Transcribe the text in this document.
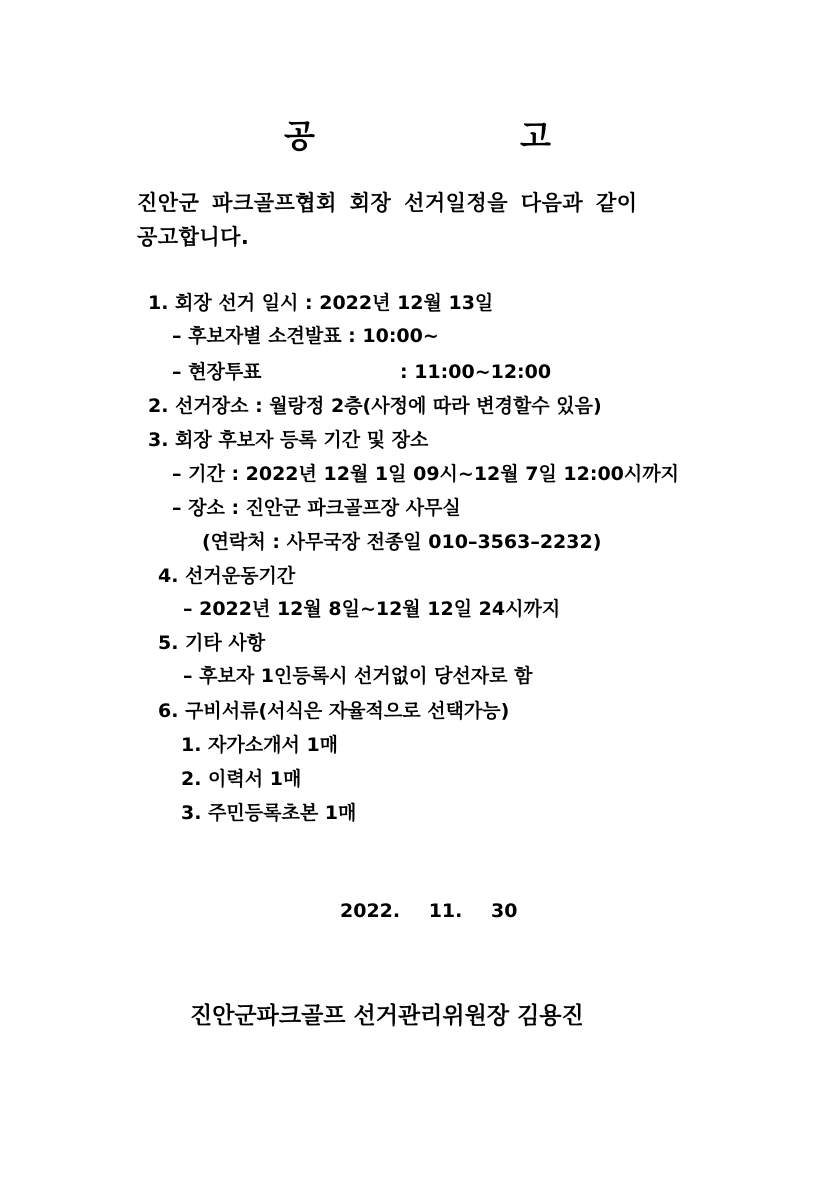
공	고
진안군 파크골프협회 회장 선거일정을 다음과 같이
공고합니다.
1. 회장 선거 일시 : 2022년 12월 13일
– 후보자별 소견발표 : 10:00~
– 현장투표	: 11:00~12:00
2. 선거장소 : 월랑정 2층(사정에 따라 변경할수 있음)
3. 회장 후보자 등록 기간 및 장소
– 기간 : 2022년 12월 1일 09시~12월 7일 12:00시까지
– 장소 : 진안군 파크골프장 사무실
(연락처 : 사무국장 전종일 010–3563–2232)
4. 선거운동기간
– 2022년 12월 8일~12월 12일 24시까지
5. 기타 사항
– 후보자 1인등록시 선거없이 당선자로 함
6. 구비서류(서식은 자율적으로 선택가능)
1. 자가소개서 1매
2. 이력서 1매
3. 주민등록초본 1매
2022. 11. 30
진안군파크골프 선거관리위원장 김용진
